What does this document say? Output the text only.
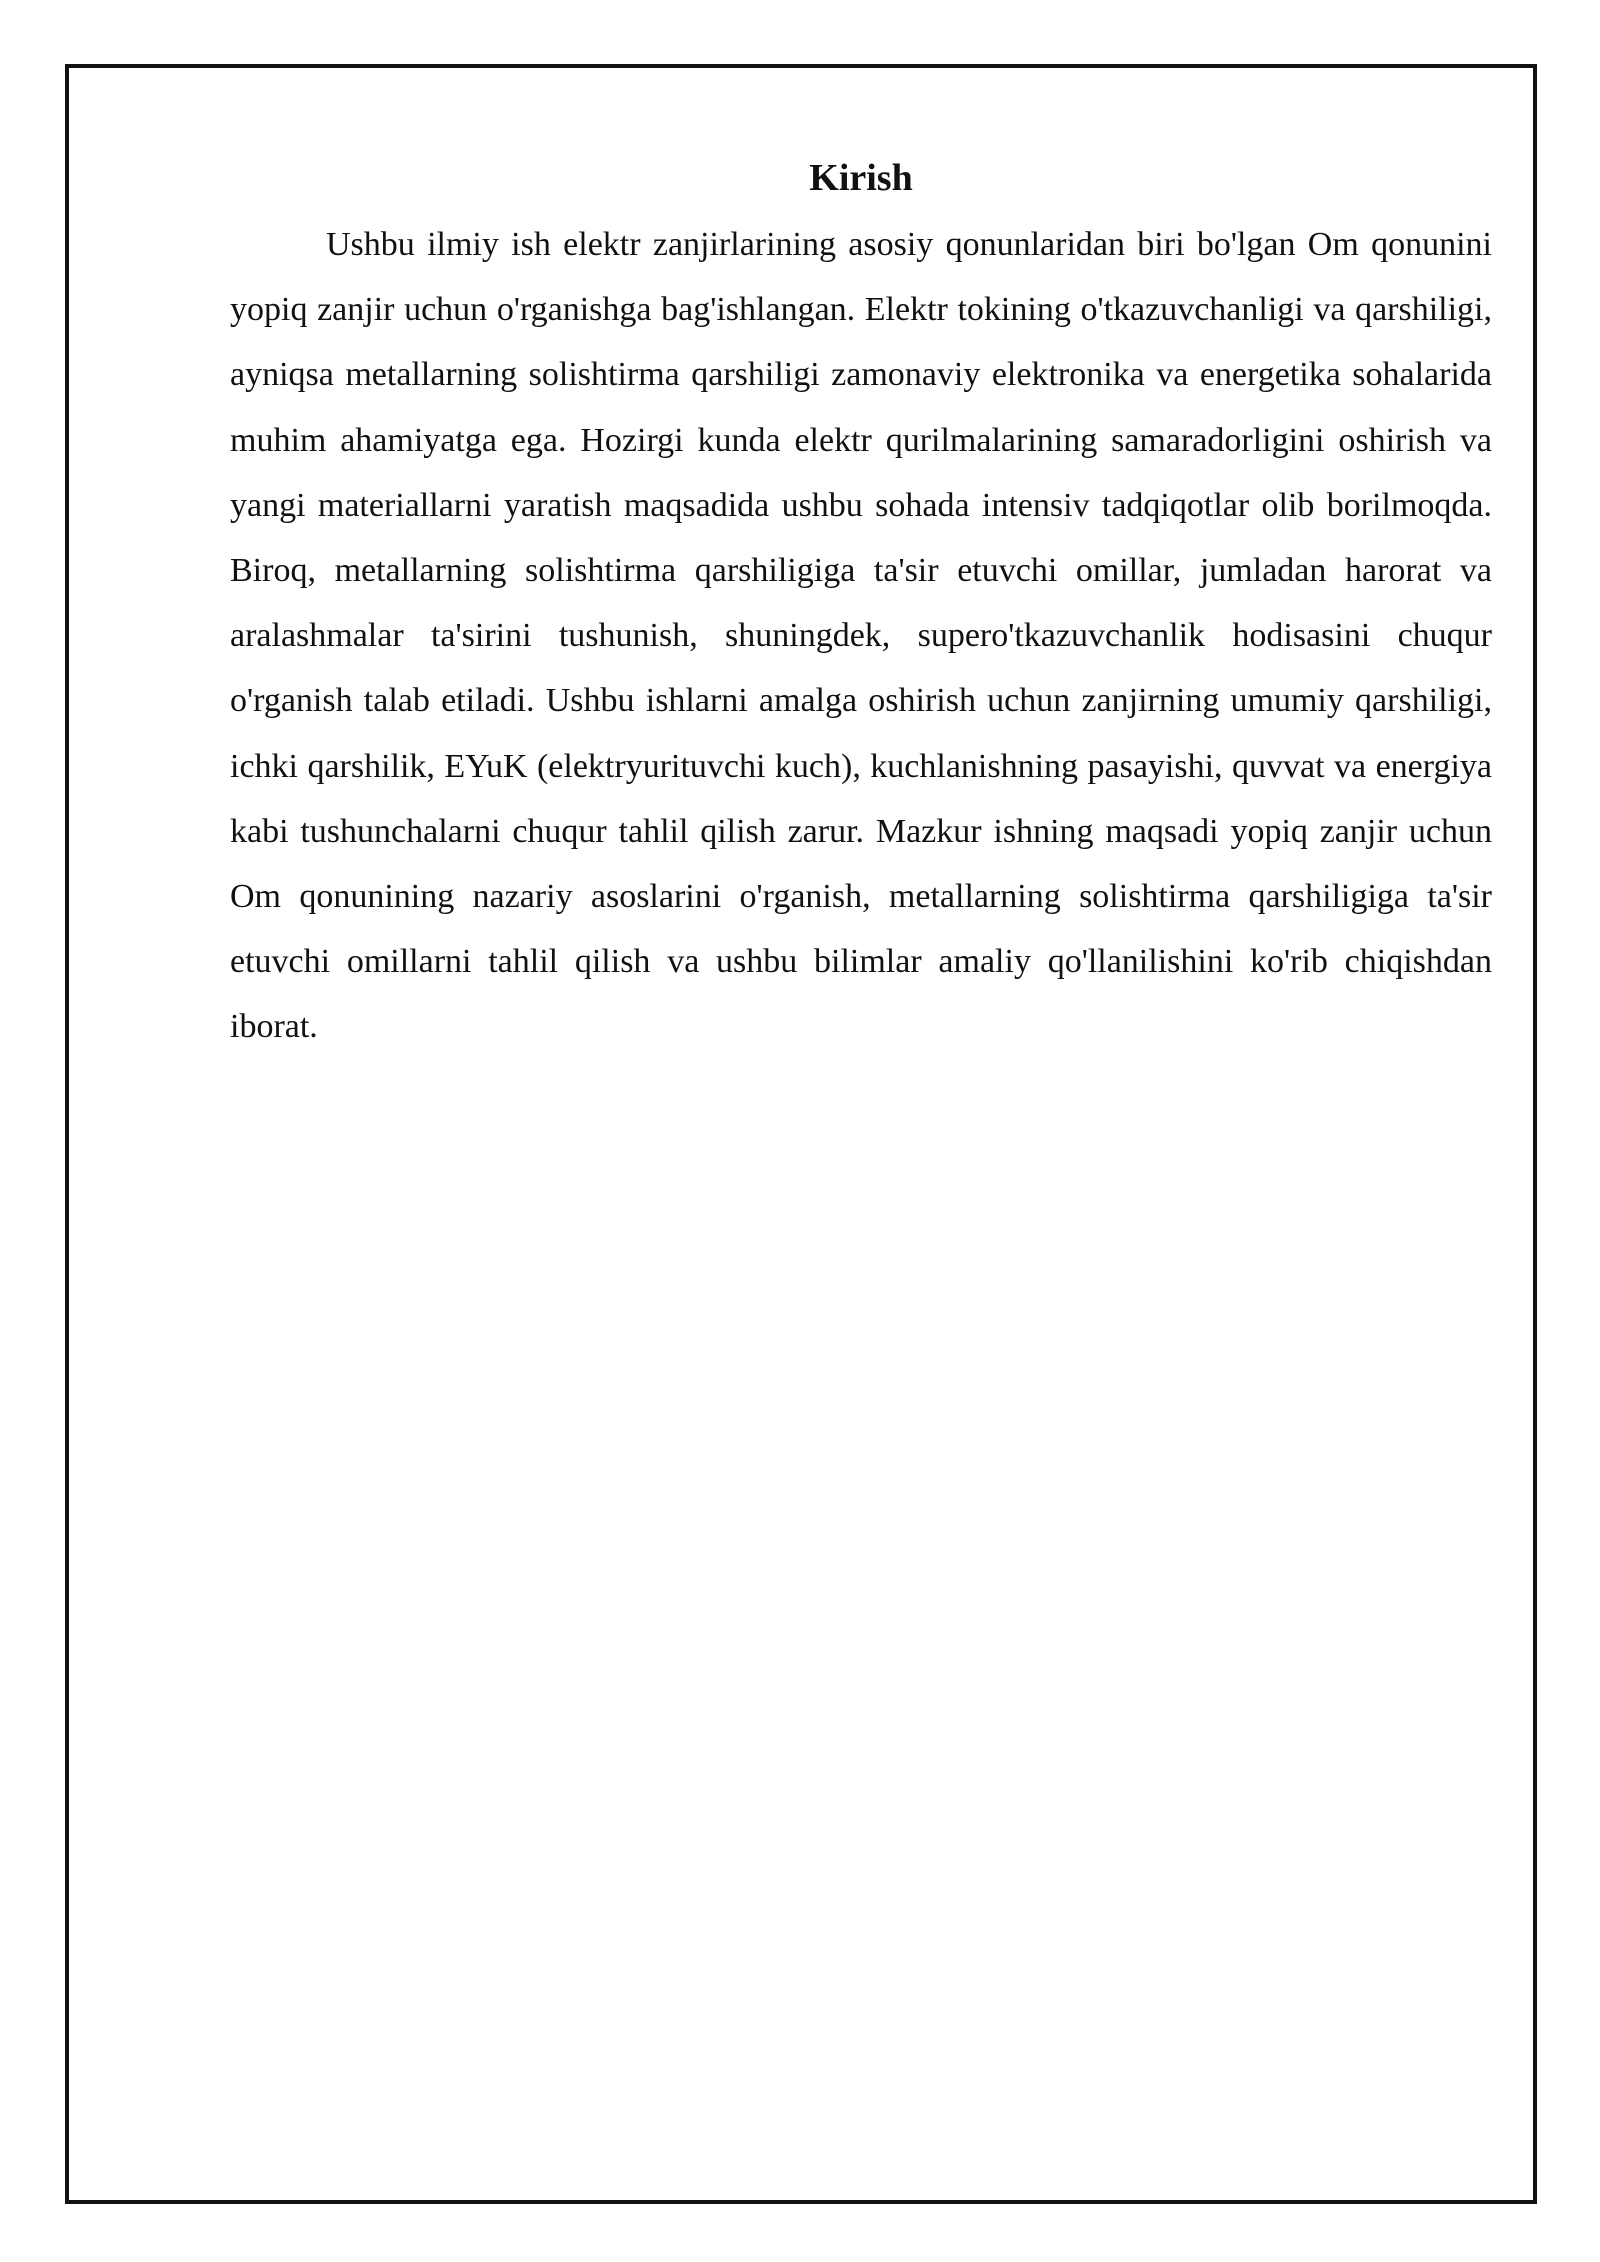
Kirish

Ushbu ilmiy ish elektr zanjirlarining asosiy qonunlaridan biri bo'lgan Om qonunini yopiq zanjir uchun o'rganishga bag'ishlangan. Elektr tokining o'tkazuvchanligi va qarshiligi, ayniqsa metallarning solishtirma qarshiligi zamonaviy elektronika va energetika sohalarida muhim ahamiyatga ega. Hozirgi kunda elektr qurilmalarining samaradorligini oshirish va yangi materiallarni yaratish maqsadida ushbu sohada intensiv tadqiqotlar olib borilmoqda. Biroq, metallarning solishtirma qarshiligiga ta'sir etuvchi omillar, jumladan harorat va aralashmalar ta'sirini tushunish, shuningdek, supero'tkazuvchanlik hodisasini chuqur o'rganish talab etiladi. Ushbu ishlarni amalga oshirish uchun zanjirning umumiy qarshiligi, ichki qarshilik, EYuK (elektryurituvchi kuch), kuchlanishning pasayishi, quvvat va energiya kabi tushunchalarni chuqur tahlil qilish zarur. Mazkur ishning maqsadi yopiq zanjir uchun Om qonunining nazariy asoslarini o'rganish, metallarning solishtirma qarshiligiga ta'sir etuvchi omillarni tahlil qilish va ushbu bilimlar amaliy qo'llanilishini ko'rib chiqishdan iborat.
